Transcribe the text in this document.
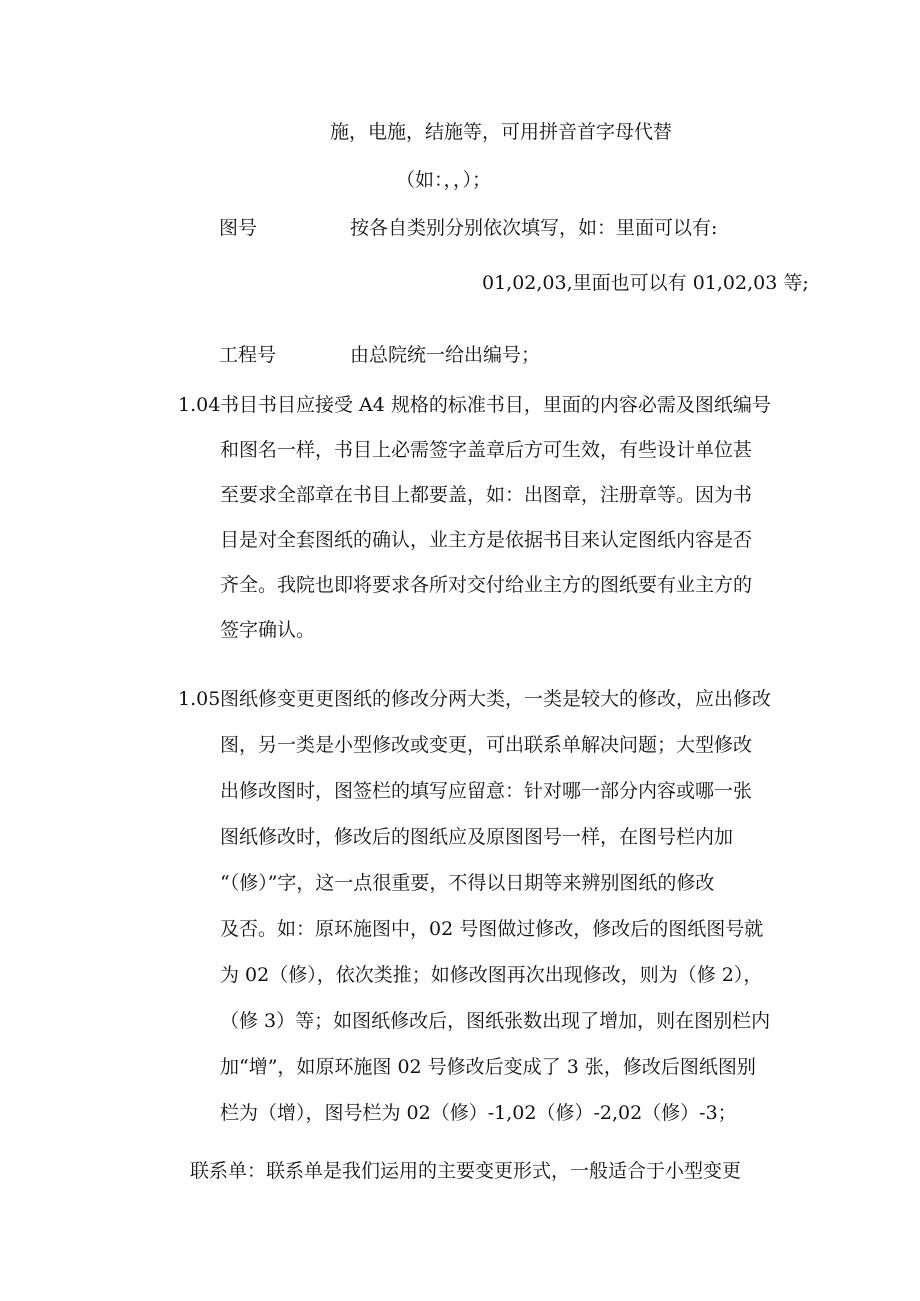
施，电施，结施等，可用拼音首字母代替

（如：，，）；

图号	按各自类别分别依次填写，如：里面可以有:

01,02,03,里面也可以有 01,02,03 等;

工程号	由总院统一给出编号；

1.04 书目书目应接受 A4 规格的标准书目，里面的内容必需及图纸编号
和图名一样，书目上必需签字盖章后方可生效，有些设计单位甚
至要求全部章在书目上都要盖，如：出图章，注册章等。因为书
目是对全套图纸的确认，业主方是依据书目来认定图纸内容是否
齐全。我院也即将要求各所对交付给业主方的图纸要有业主方的
签字确认。
1.05 图纸修变更更图纸的修改分两大类，一类是较大的修改，应出修改
图，另一类是小型修改或变更，可出联系单解决问题；大型修改
出修改图时，图签栏的填写应留意：针对哪一部分内容或哪一张
图纸修改时，修改后的图纸应及原图图号一样，在图号栏内加
“（修）”字，这一点很重要，不得以日期等来辨别图纸的修改
及否。如：原环施图中，02 号图做过修改，修改后的图纸图号就
为 02（修），依次类推；如修改图再次出现修改，则为（修 2），
（修 3）等；如图纸修改后，图纸张数出现了增加，则在图别栏内
加“增”，如原环施图 02 号修改后变成了 3 张，修改后图纸图别
栏为（增），图号栏为 02（修）-1,02（修）-2,02（修）-3；

联系单：联系单是我们运用的主要变更形式，一般适合于小型变更
